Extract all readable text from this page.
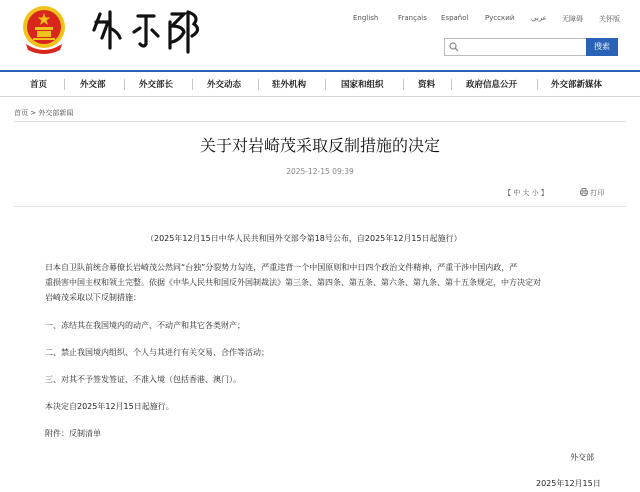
English	Français Español Русский عربي 无障碍 关怀版
搜索
首页	外交部	外交部长	外交动态	驻外机构	国家和组织	资料	政府信息公开	外交部新媒体
首页 > 外交部新闻
关于对岩崎茂采取反制措施的决定
2025-12-15 09:39
【 中 大 小 】	打印
（2025年12月15日中华人民共和国外交部令第18号公布，自2025年12月15日起施行）
日本自卫队前统合幕僚长岩崎茂公然同“台独”分裂势力勾连，严重违背一个中国原则和中日四个政治文件精神，严重干涉中国内政，严
重损害中国主权和领土完整。依据《中华人民共和国反外国制裁法》第三条、第四条、第五条、第六条、第九条、第十五条规定，中方决定对
岩崎茂采取以下反制措施：
一、冻结其在我国境内的动产、不动产和其它各类财产；
二、禁止我国境内组织、个人与其进行有关交易、合作等活动；
三、对其不予签发签证、不准入境（包括香港、澳门）。
本决定自2025年12月15日起施行。
附件：反制清单
外交部
2025年12月15日
